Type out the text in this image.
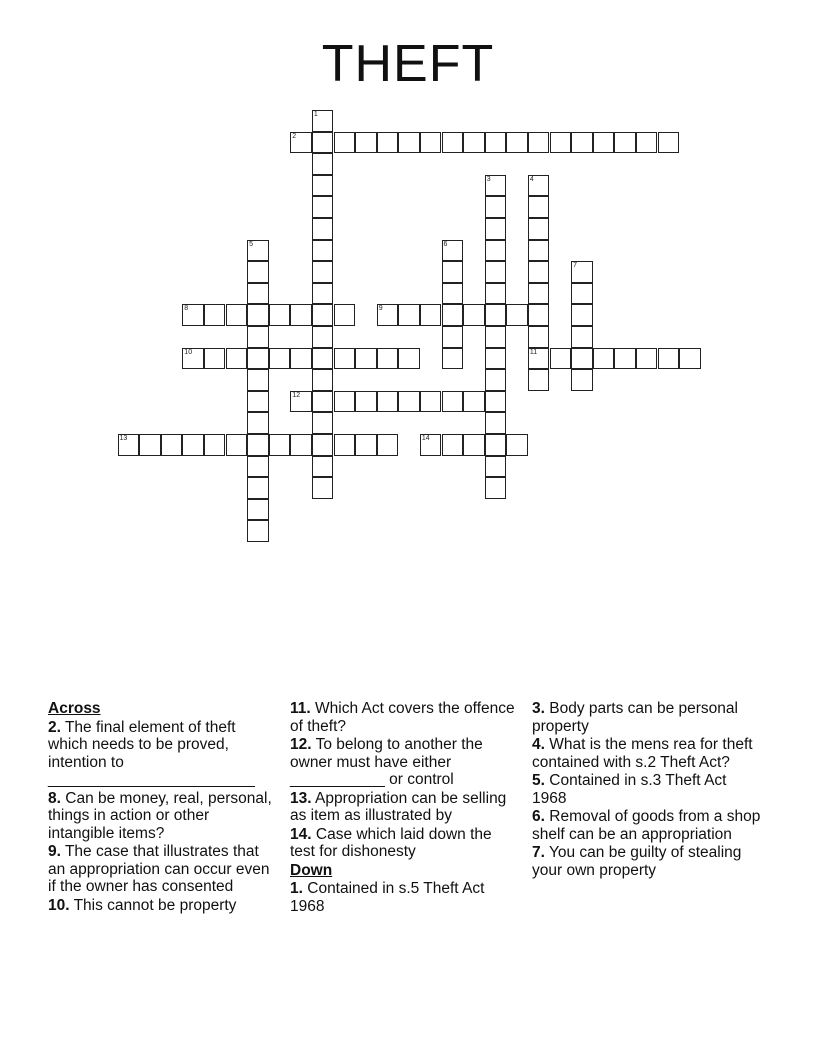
THEFT
1
2
3	4
11
5	6
7
8	9
10
12
13	14
Across
2. The final element of theft which needs to be proved, intention to ________________________
8. Can be money, real, personal, things in action or other intangible items?
9. The case that illustrates that an appropriation can occur even if the owner has consented
10. This cannot be property
11. Which Act covers the offence of theft?
12. To belong to another the owner must have either ___________ or control
13. Appropriation can be selling as item as illustrated by
14. Case which laid down the test for dishonesty
Down
1. Contained in s.5 Theft Act 1968
3. Body parts can be personal property
4. What is the mens rea for theft contained with s.2 Theft Act?
5. Contained in s.3 Theft Act 1968
6. Removal of goods from a shop shelf can be an appropriation
7. You can be guilty of stealing your own property
